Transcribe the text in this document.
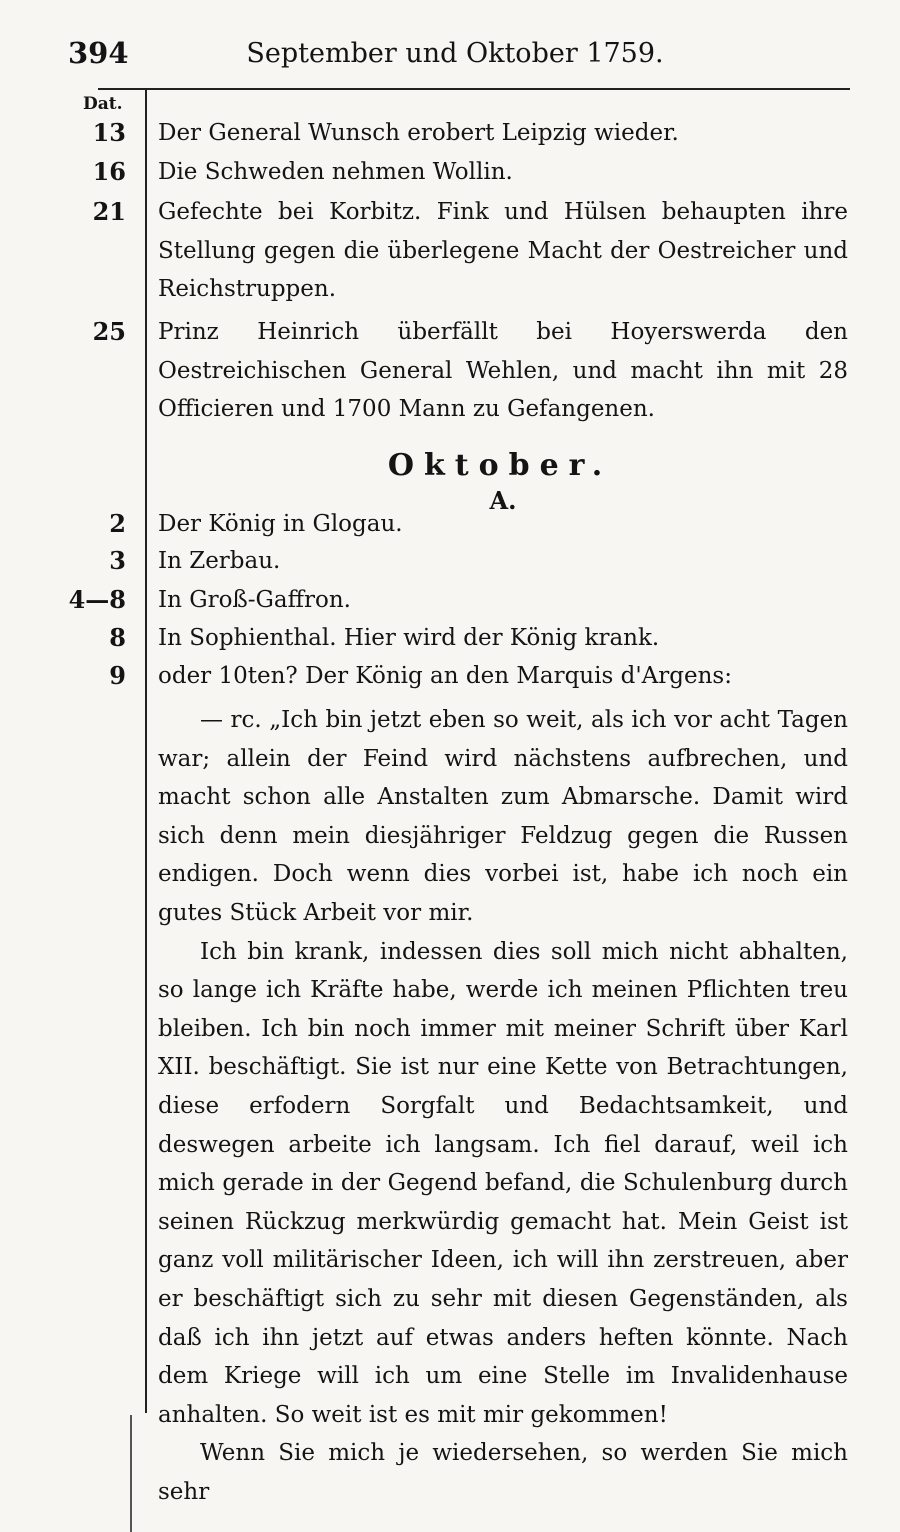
394	September und Oktober 1759.
Dat.
13 Der General Wunsch erobert Leipzig wieder.
16 Die Schweden nehmen Wollin.
21 Gefechte bei Korbitz. Fink und Hülsen behaupten ihre Stellung gegen die überlegene Macht der Oestreicher und Reichstruppen.
25 Prinz Heinrich überfällt bei Hoyerswerda den Oestreichischen General Wehlen, und macht ihn mit 28 Officieren und 1700 Mann zu Gefangenen.
Oktober.
A.
2 Der König in Glogau.
3 In Zerbau.
4—8 In Groß-Gaffron.
8 In Sophienthal. Hier wird der König krank.
9 oder 10ten? Der König an den Marquis d'Argens:

— rc. „Ich bin jetzt eben so weit, als ich vor acht Tagen war; allein der Feind wird nächstens aufbrechen, und macht schon alle Anstalten zum Abmarsche. Damit wird sich denn mein diesjähriger Feldzug gegen die Russen endigen. Doch wenn dies vorbei ist, habe ich noch ein gutes Stück Arbeit vor mir.

Ich bin krank, indessen dies soll mich nicht abhalten, so lange ich Kräfte habe, werde ich meinen Pflichten treu bleiben. Ich bin noch immer mit meiner Schrift über Karl XII. beschäftigt. Sie ist nur eine Kette von Betrachtungen, diese erfodern Sorgfalt und Bedachtsamkeit, und deswegen arbeite ich langsam. Ich fiel darauf, weil ich mich gerade in der Gegend befand, die Schulenburg durch seinen Rückzug merkwürdig gemacht hat. Mein Geist ist ganz voll militärischer Ideen, ich will ihn zerstreuen, aber er beschäftigt sich zu sehr mit diesen Gegenständen, als daß ich ihn jetzt auf etwas anders heften könnte. Nach dem Kriege will ich um eine Stelle im Invalidenhause anhalten. So weit ist es mit mir gekommen!

Wenn Sie mich je wiedersehen, so werden Sie mich sehr
